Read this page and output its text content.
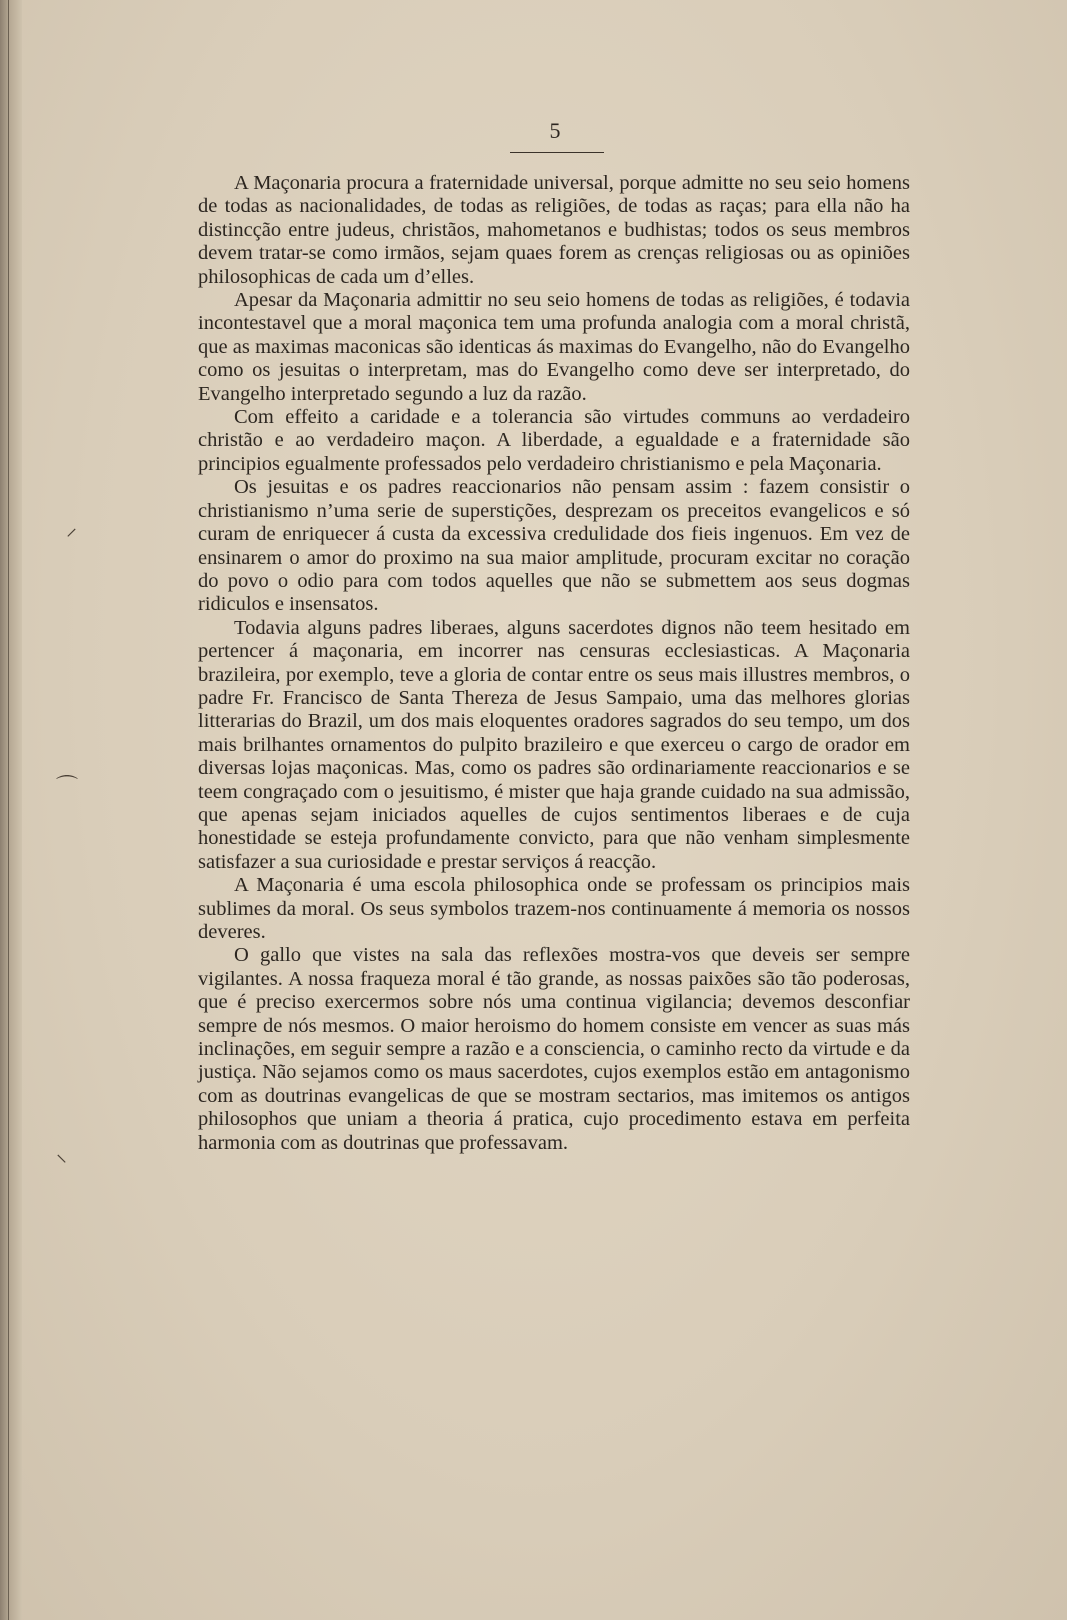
⸝
⌒
⸜
5

A Maçonaria procura a fraternidade universal, porque admitte no seu seio homens de todas as nacionalidades, de todas as religiões, de todas as raças; para ella não ha distincção entre judeus, christãos, mahometanos e budhistas; todos os seus membros devem tratar-se como irmãos, sejam quaes forem as crenças religiosas ou as opiniões philosophicas de cada um d’elles.

Apesar da Maçonaria admittir no seu seio homens de todas as religiões, é todavia incontestavel que a moral maçonica tem uma profunda analogia com a moral christã, que as maximas maconicas são identicas ás maximas do Evangelho, não do Evangelho como os jesuitas o interpretam, mas do Evangelho como deve ser interpretado, do Evangelho interpretado segundo a luz da razão.

Com effeito a caridade e a tolerancia são virtudes communs ao verdadeiro christão e ao verdadeiro maçon. A liberdade, a egualdade e a fraternidade são principios egualmente professados pelo verdadeiro christianismo e pela Maçonaria.

Os jesuitas e os padres reaccionarios não pensam assim : fazem consistir o christianismo n’uma serie de superstições, desprezam os preceitos evangelicos e só curam de enriquecer á custa da excessiva credulidade dos fieis ingenuos. Em vez de ensinarem o amor do proximo na sua maior amplitude, procuram excitar no coração do povo o odio para com todos aquelles que não se submettem aos seus dogmas ridiculos e insensatos.

Todavia alguns padres liberaes, alguns sacerdotes dignos não teem hesitado em pertencer á maçonaria, em incorrer nas censuras ecclesiasticas. A Maçonaria brazileira, por exemplo, teve a gloria de contar entre os seus mais illustres membros, o padre Fr. Francisco de Santa Thereza de Jesus Sampaio, uma das melhores glorias litterarias do Brazil, um dos mais eloquentes oradores sagrados do seu tempo, um dos mais brilhantes ornamentos do pulpito brazileiro e que exerceu o cargo de orador em diversas lojas maçonicas. Mas, como os padres são ordinariamente reaccionarios e se teem congraçado com o jesuitismo, é mister que haja grande cuidado na sua admissão, que apenas sejam iniciados aquelles de cujos sentimentos liberaes e de cuja honestidade se esteja profundamente convicto, para que não venham simplesmente satisfazer a sua curiosidade e prestar serviços á reacção.

A Maçonaria é uma escola philosophica onde se professam os principios mais sublimes da moral. Os seus symbolos trazem-nos continuamente á memoria os nossos deveres.

O gallo que vistes na sala das reflexões mostra-vos que deveis ser sempre vigilantes. A nossa fraqueza moral é tão grande, as nossas paixões são tão poderosas, que é preciso exercermos sobre nós uma continua vigilancia; devemos desconfiar sempre de nós mesmos. O maior heroismo do homem consiste em vencer as suas más inclinações, em seguir sempre a razão e a consciencia, o caminho recto da virtude e da justiça. Não sejamos como os maus sacerdotes, cujos exemplos estão em antagonismo com as doutrinas evangelicas de que se mostram sectarios, mas imitemos os antigos philosophos que uniam a theoria á pratica, cujo procedimento estava em perfeita harmonia com as doutrinas que professavam.
